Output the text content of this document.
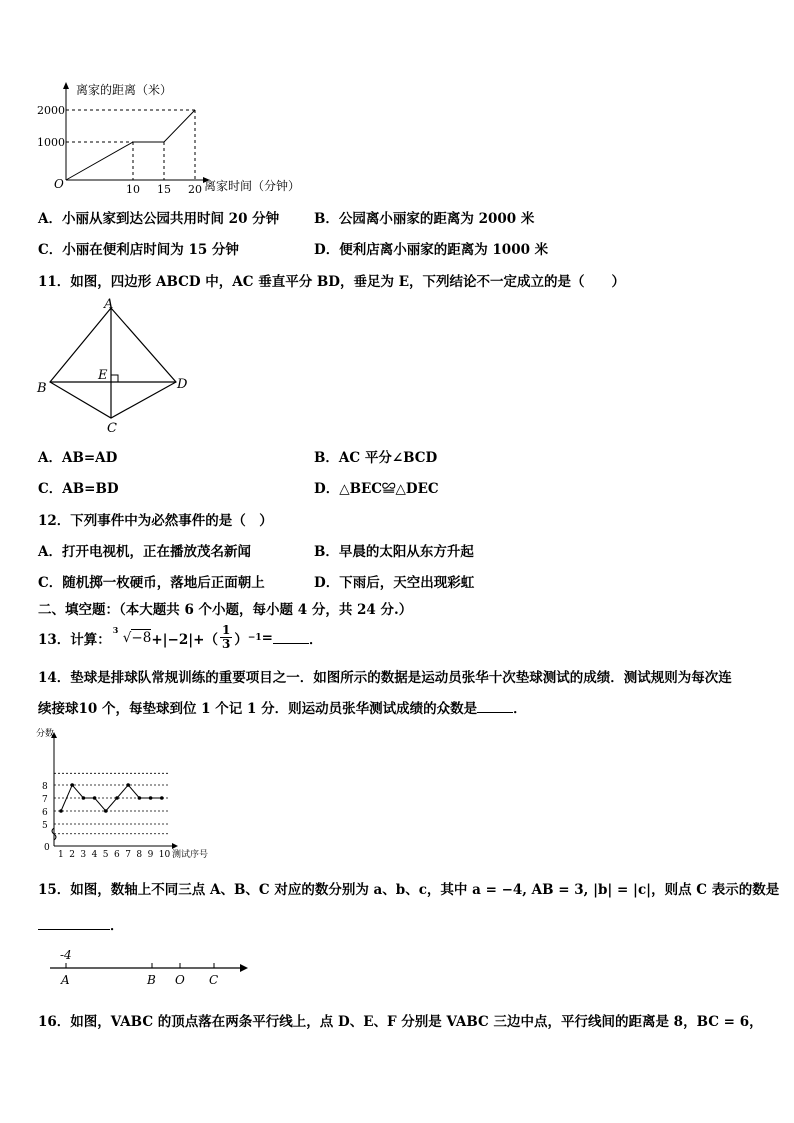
离家的距离（米）
2000
1000
O	10 15 20 离家时间（分钟）
A．小丽从家到达公园共用时间 20 分钟	B．公园离小丽家的距离为 2000 米
C．小丽在便利店时间为 15 分钟	D．便利店离小丽家的距离为 1000 米
11．如图，四边形 ABCD 中，AC 垂直平分 BD，垂足为 E，下列结论不一定成立的是（　　）
A
B
C
D
E
A．AB=AD	B．AC 平分∠BCD
C．AB=BD	D．△BEC≌△DEC
12．下列事件中为必然事件的是（　）
A．打开电视机，正在播放茂名新闻	B．早晨的太阳从东方升起
C．随机掷一枚硬币，落地后正面朝上	D．下雨后，天空出现彩虹
二、填空题：（本大题共 6 个小题，每小题 4 分，共 24 分.）
13．计算：
3 $√-8 +|-2|+( \frac{1}{3}$ ） −1 =	．
14．垫球是排球队常规训练的重要项目之一．如图所示的数据是运动员张华十次垫球测试的成绩．测试规则为每次连
续接球10 个，每垫球到位 1 个记 1 分．则运动员张华测试成绩的众数是	．
5
6
7
8
0
分数
1 2 3 4 5 6 7 8 9 10 测试序号
15．如图，数轴上不同三点 A、B、C 对应的数分别为 a、b、c，其中 a = −4, AB = 3, |b| = |c|，则点 C 表示的数是
．
-4
A	B O C
16．如图，VABC 的顶点落在两条平行线上，点 D、E、F 分别是 VABC 三边中点，平行线间的距离是 8，BC = 6，
